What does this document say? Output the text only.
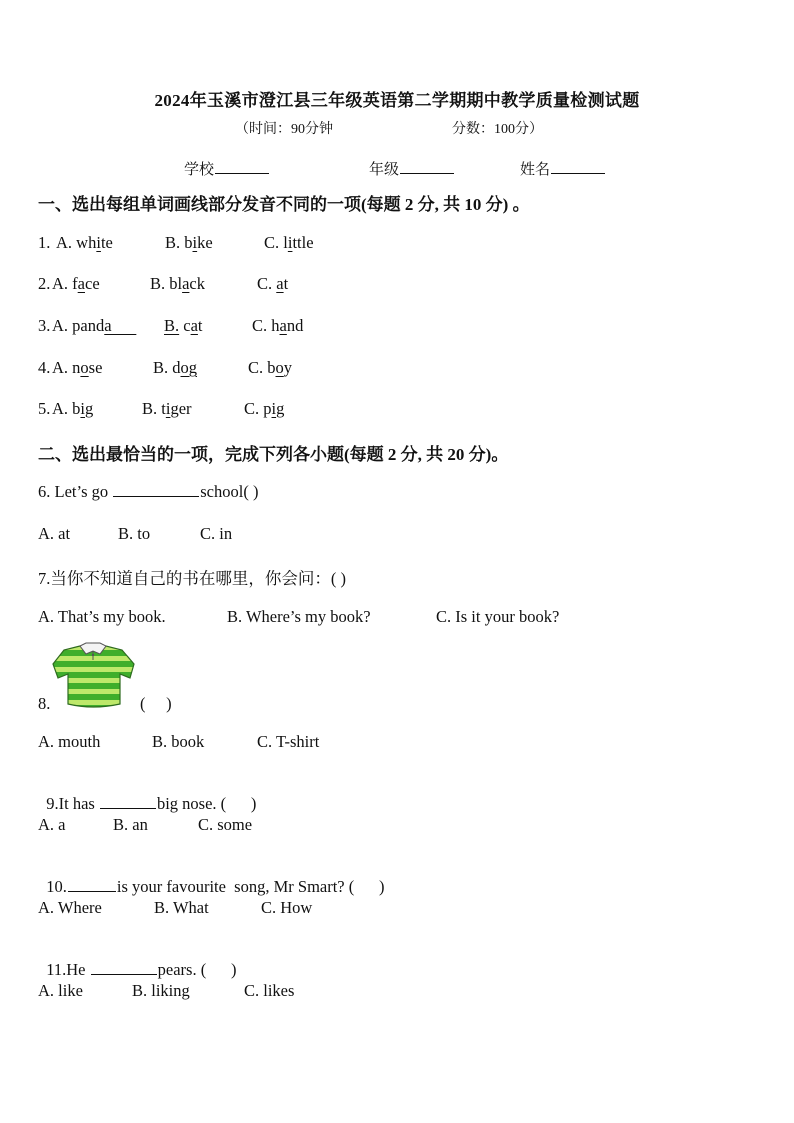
2024年玉溪市澄江县三年级英语第二学期期中教学质量检测试题
（时间：90分钟	分数：100分）
学校	年级	姓名
一、选出每组单词画线部分发音不同的一项(每题 2 分, 共 10 分) 。
1. A. white	B. bike	C. little
2. A. face	B. black	C. at
3. A. panda B. cat	C. hand
4. A. nose	B. dog	C. boy
5. A. big	B. tiger	C. pig
二、选出最恰当的一项，完成下列各小题(每题 2 分, 共 20 分)。
6. Let’s go	school( )
A. at	B. to	C. in
7.当你不知道自己的书在哪里，你会问：( )
A. That’s my book.	B. Where’s my book?	C. Is it your book?
8.	(     )
A. mouth	B. book	C. T-shirt

9.It has	big nose. (      )

A. a	B. an	C. some

10.	is your favourite  song, Mr Smart? (      )

A. Where	B. What	C. How

11.He	pears. (      )

A. like	B. liking	C. likes
